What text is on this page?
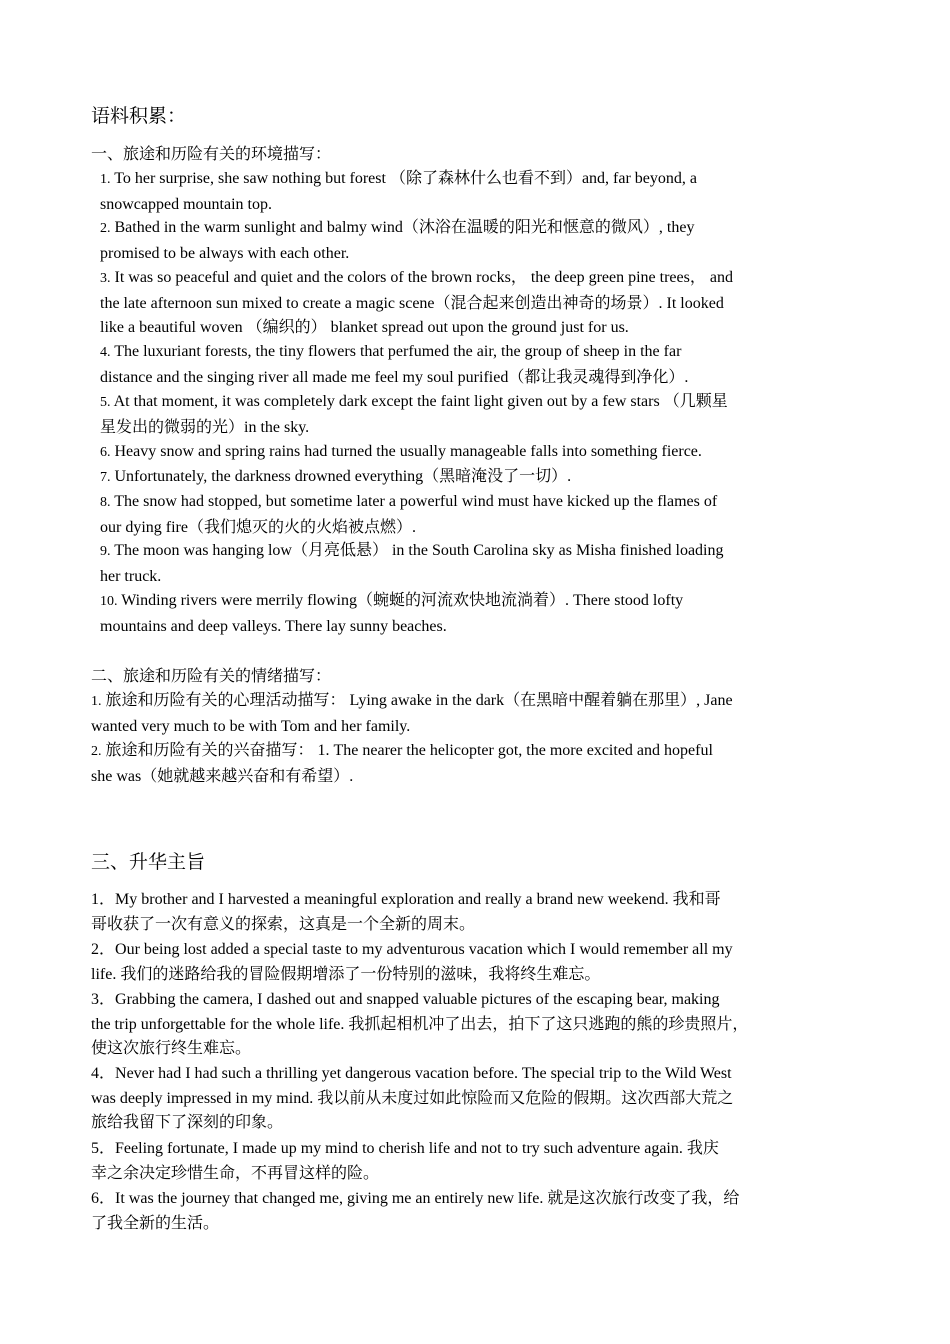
语料积累：
一、旅途和历险有关的环境描写：
1. To her surprise, she saw nothing but forest （除了森林什么也看不到）and, far beyond, a
snowcapped mountain top.
2. Bathed in the warm sunlight and balmy wind（沐浴在温暖的阳光和惬意的微风）, they
promised to be always with each other.
3. It was so peaceful and quiet and the colors of the brown rocks， the deep green pine trees， and
the late afternoon sun mixed to create a magic scene（混合起来创造出神奇的场景）. It looked
like a beautiful woven （编织的） blanket spread out upon the ground just for us.
4. The luxuriant forests, the tiny flowers that perfumed the air, the group of sheep in the far
distance and the singing river all made me feel my soul purified（都让我灵魂得到净化）.
5. At that moment, it was completely dark except the faint light given out by a few stars （几颗星
星发出的微弱的光）in the sky.
6. Heavy snow and spring rains had turned the usually manageable falls into something fierce.
7. Unfortunately, the darkness drowned everything（黑暗淹没了一切）.
8. The snow had stopped, but sometime later a powerful wind must have kicked up the flames of
our dying fire（我们熄灭的火的火焰被点燃）.
9. The moon was hanging low（月亮低悬） in the South Carolina sky as Misha finished loading
her truck.
10. Winding rivers were merrily flowing（蜿蜒的河流欢快地流淌着）. There stood lofty
mountains and deep valleys. There lay sunny beaches.
二、旅途和历险有关的情绪描写：
1. 旅途和历险有关的心理活动描写： Lying awake in the dark（在黑暗中醒着躺在那里）, Jane
wanted very much to be with Tom and her family.
2. 旅途和历险有关的兴奋描写： 1. The nearer the helicopter got, the more excited and hopeful
she was（她就越来越兴奋和有希望）.
三、升华主旨
1．My brother and I harvested a meaningful exploration and really a brand new weekend. 我和哥
哥收获了一次有意义的探索，这真是一个全新的周末。
2．Our being lost added a special taste to my adventurous vacation which I would remember all my
life. 我们的迷路给我的冒险假期增添了一份特别的滋味，我将终生难忘。
3．Grabbing the camera, I dashed out and snapped valuable pictures of the escaping bear, making
the trip unforgettable for the whole life. 我抓起相机冲了出去，拍下了这只逃跑的熊的珍贵照片，
使这次旅行终生难忘。
4．Never had I had such a thrilling yet dangerous vacation before. The special trip to the Wild West
was deeply impressed in my mind. 我以前从未度过如此惊险而又危险的假期。这次西部大荒之
旅给我留下了深刻的印象。
5．Feeling fortunate, I made up my mind to cherish life and not to try such adventure again. 我庆
幸之余决定珍惜生命，不再冒这样的险。
6．It was the journey that changed me, giving me an entirely new life. 就是这次旅行改变了我，给
了我全新的生活。
